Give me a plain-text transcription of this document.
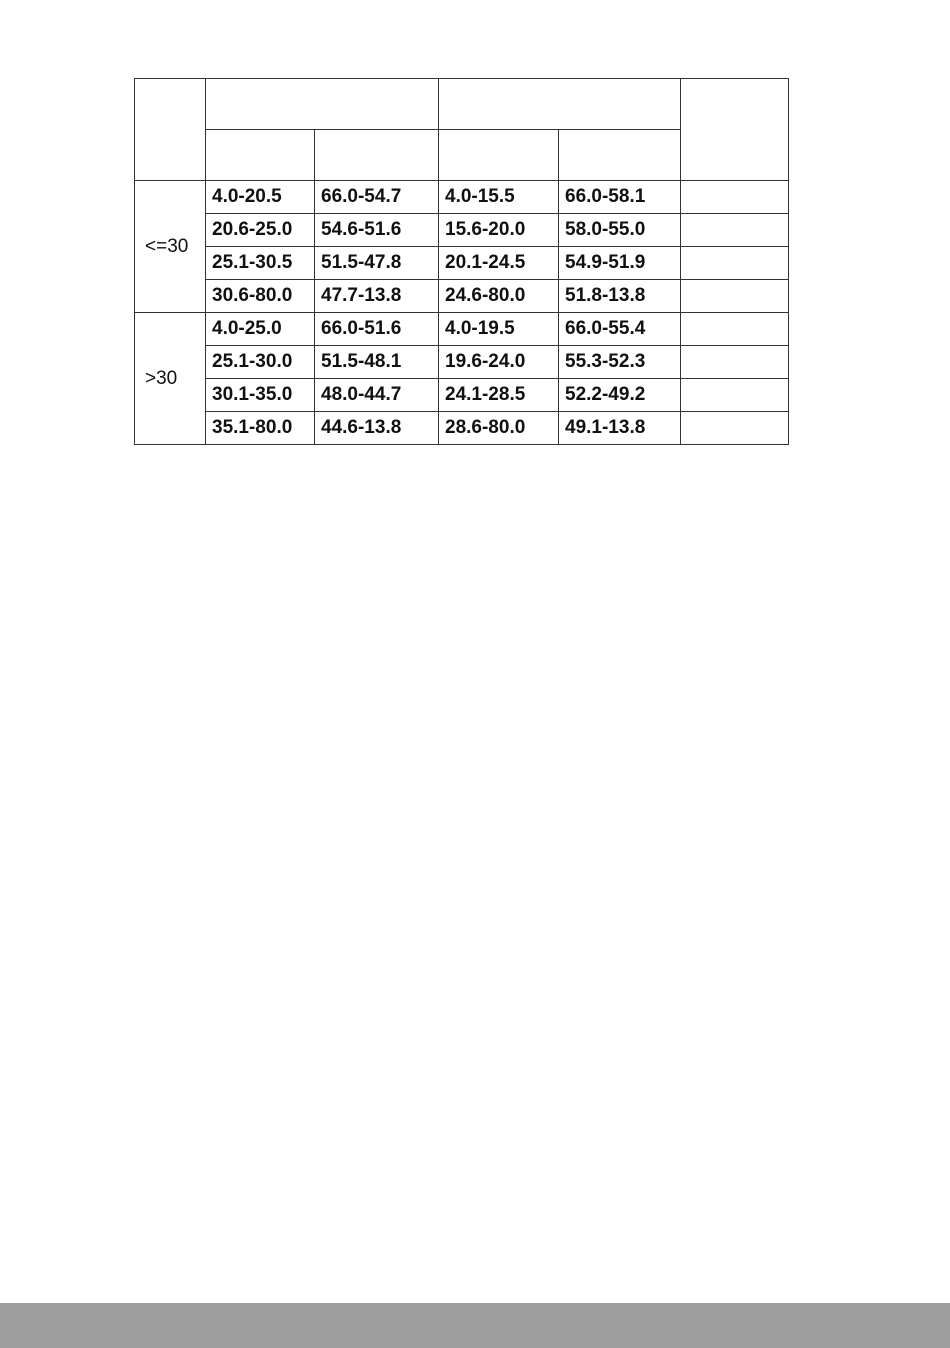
<=30	4.0-20.5	66.0-54.7	4.0-15.5	66.0-58.1	
	20.6-25.0	54.6-51.6	15.6-20.0	58.0-55.0	
	25.1-30.5	51.5-47.8	20.1-24.5	54.9-51.9	
	30.6-80.0	47.7-13.8	24.6-80.0	51.8-13.8	
>30	4.0-25.0	66.0-51.6	4.0-19.5	66.0-55.4	
	25.1-30.0	51.5-48.1	19.6-24.0	55.3-52.3	
	30.1-35.0	48.0-44.7	24.1-28.5	52.2-49.2	
	35.1-80.0	44.6-13.8	28.6-80.0	49.1-13.8	
